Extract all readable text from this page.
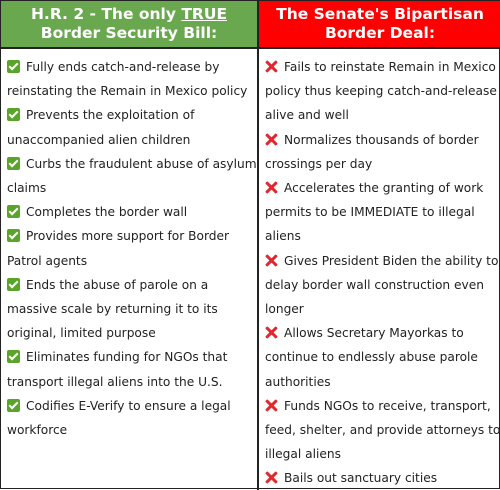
H.R. 2 - The only TRUE Border Security Bill:
The Senate's Bipartisan Border Deal:
Fully ends catch-and-release by reinstating the Remain in Mexico policy
Prevents the exploitation of unaccompanied alien children
Curbs the fraudulent abuse of asylum claims
Completes the border wall
Provides more support for Border Patrol agents
Ends the abuse of parole on a massive scale by returning it to its original, limited purpose
Eliminates funding for NGOs that transport illegal aliens into the U.S.
Codifies E-Verify to ensure a legal workforce
Fails to reinstate Remain in Mexico policy thus keeping catch-and-release alive and well
Normalizes thousands of border crossings per day
Accelerates the granting of work permits to be IMMEDIATE to illegal aliens
Gives President Biden the ability to delay border wall construction even longer
Allows Secretary Mayorkas to continue to endlessly abuse parole authorities
Funds NGOs to receive, transport, feed, shelter, and provide attorneys to illegal aliens
Bails out sanctuary cities
